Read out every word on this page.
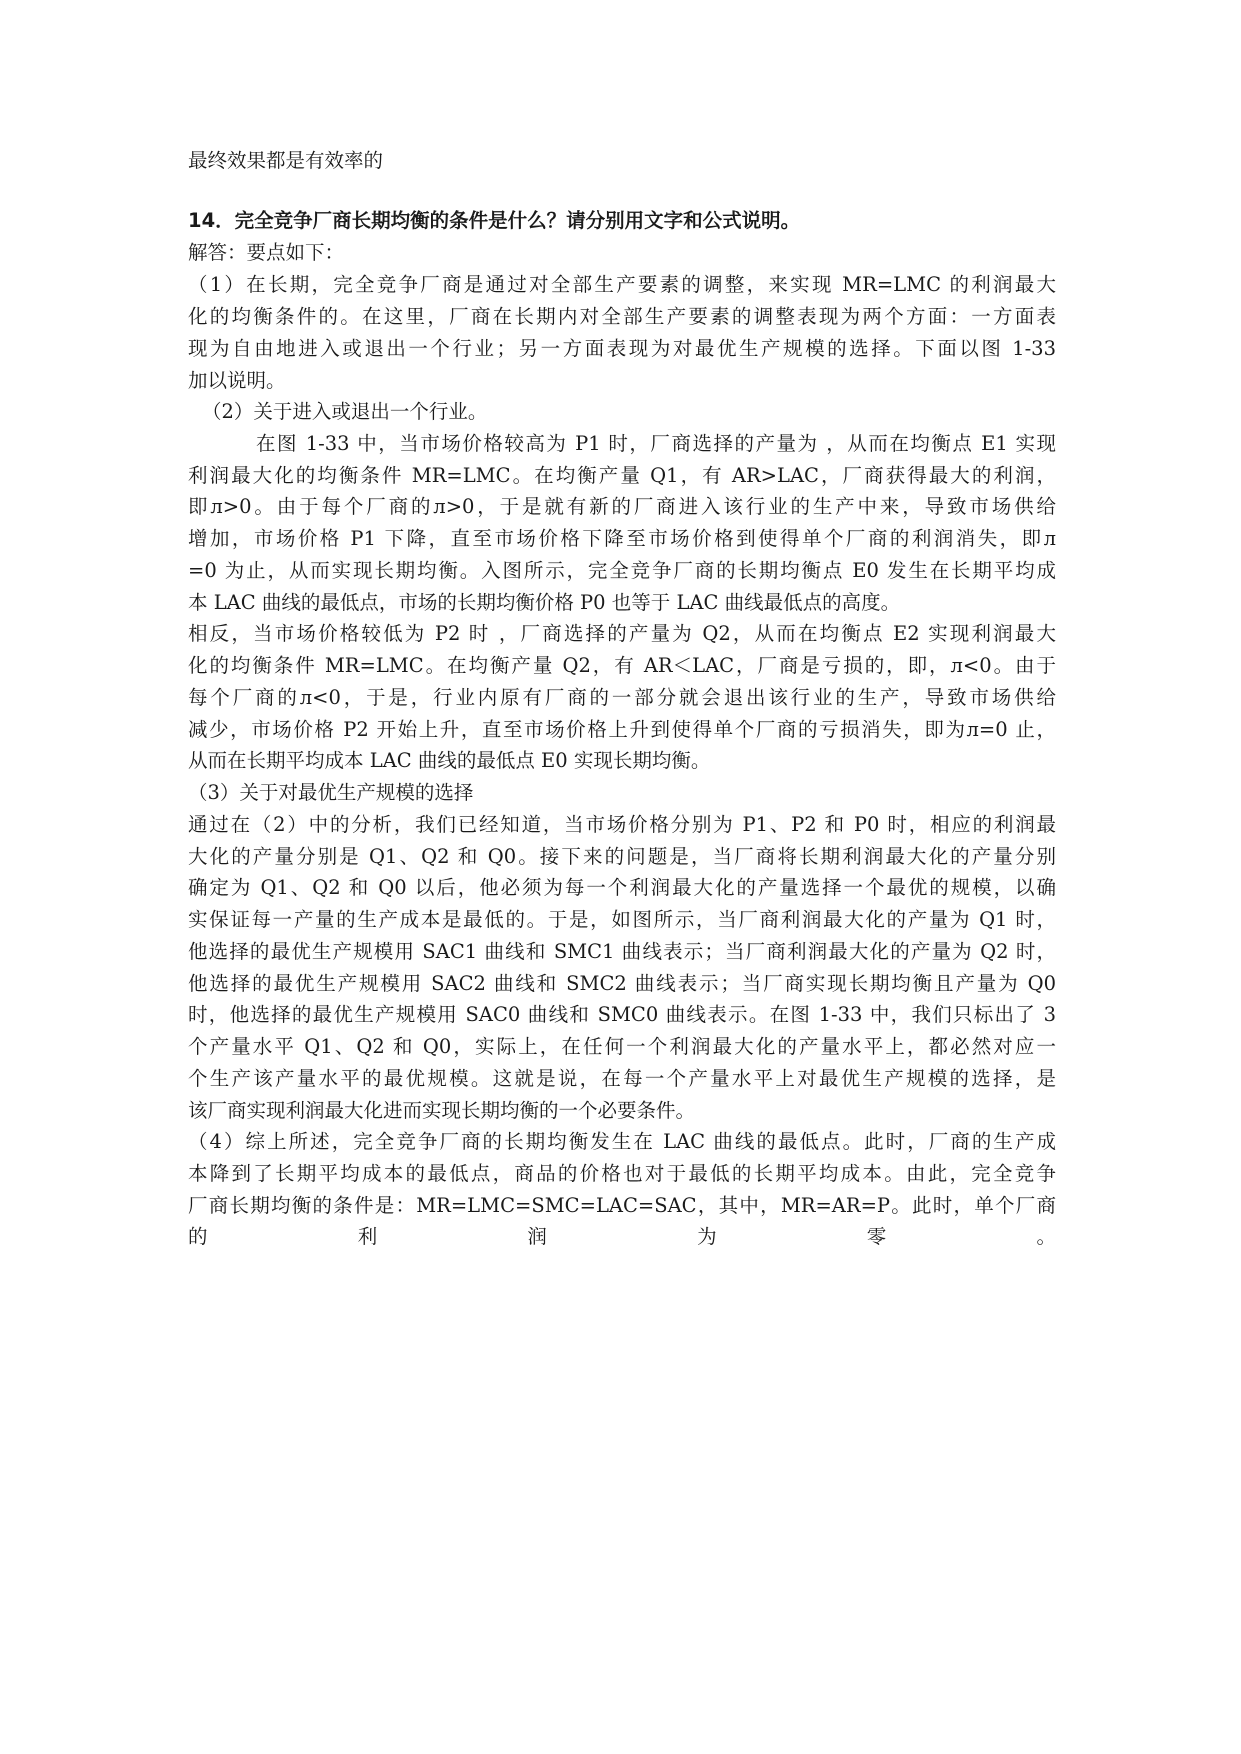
最终效果都是有效率的
14．完全竞争厂商长期均衡的条件是什么？请分别用文字和公式说明。
解答：要点如下：
（1）在长期，完全竞争厂商是通过对全部生产要素的调整，来实现 MR=LMC 的利润最大
化的均衡条件的。在这里，厂商在长期内对全部生产要素的调整表现为两个方面：一方面表
现为自由地进入或退出一个行业；另一方面表现为对最优生产规模的选择。下面以图 1-33
加以说明。
（2）关于进入或退出一个行业。
在图 1-33 中，当市场价格较高为 P1 时，厂商选择的产量为 ，从而在均衡点 E1 实现
利润最大化的均衡条件 MR=LMC。在均衡产量 Q1，有 AR>LAC，厂商获得最大的利润，
即л>0。由于每个厂商的л>0，于是就有新的厂商进入该行业的生产中来，导致市场供给
增加，市场价格 P1 下降，直至市场价格下降至市场价格到使得单个厂商的利润消失，即л
=0 为止，从而实现长期均衡。入图所示，完全竞争厂商的长期均衡点 E0 发生在长期平均成
本 LAC 曲线的最低点，市场的长期均衡价格 P0 也等于 LAC 曲线最低点的高度。
相反，当市场价格较低为 P2 时 ，厂商选择的产量为 Q2，从而在均衡点 E2 实现利润最大
化的均衡条件 MR=LMC。在均衡产量 Q2，有 AR＜LAC，厂商是亏损的，即，л<0。由于
每个厂商的л<0，于是，行业内原有厂商的一部分就会退出该行业的生产，导致市场供给
减少，市场价格 P2 开始上升，直至市场价格上升到使得单个厂商的亏损消失，即为л=0 止，
从而在长期平均成本 LAC 曲线的最低点 E0 实现长期均衡。
（3）关于对最优生产规模的选择
通过在（2）中的分析，我们已经知道，当市场价格分别为 P1、P2 和 P0 时，相应的利润最
大化的产量分别是 Q1、Q2 和 Q0。接下来的问题是，当厂商将长期利润最大化的产量分别
确定为 Q1、Q2 和 Q0 以后，他必须为每一个利润最大化的产量选择一个最优的规模，以确
实保证每一产量的生产成本是最低的。于是，如图所示，当厂商利润最大化的产量为 Q1 时，
他选择的最优生产规模用 SAC1 曲线和 SMC1 曲线表示；当厂商利润最大化的产量为 Q2 时，
他选择的最优生产规模用 SAC2 曲线和 SMC2 曲线表示；当厂商实现长期均衡且产量为 Q0
时，他选择的最优生产规模用 SAC0 曲线和 SMC0 曲线表示。在图 1-33 中，我们只标出了 3
个产量水平 Q1、Q2 和 Q0，实际上，在任何一个利润最大化的产量水平上，都必然对应一
个生产该产量水平的最优规模。这就是说，在每一个产量水平上对最优生产规模的选择，是
该厂商实现利润最大化进而实现长期均衡的一个必要条件。
（4）综上所述，完全竞争厂商的长期均衡发生在 LAC 曲线的最低点。此时，厂商的生产成
本降到了长期平均成本的最低点，商品的价格也对于最低的长期平均成本。由此，完全竞争
厂商长期均衡的条件是：MR=LMC=SMC=LAC=SAC，其中，MR=AR=P。此时，单个厂商
的 利 润 为 零 。
